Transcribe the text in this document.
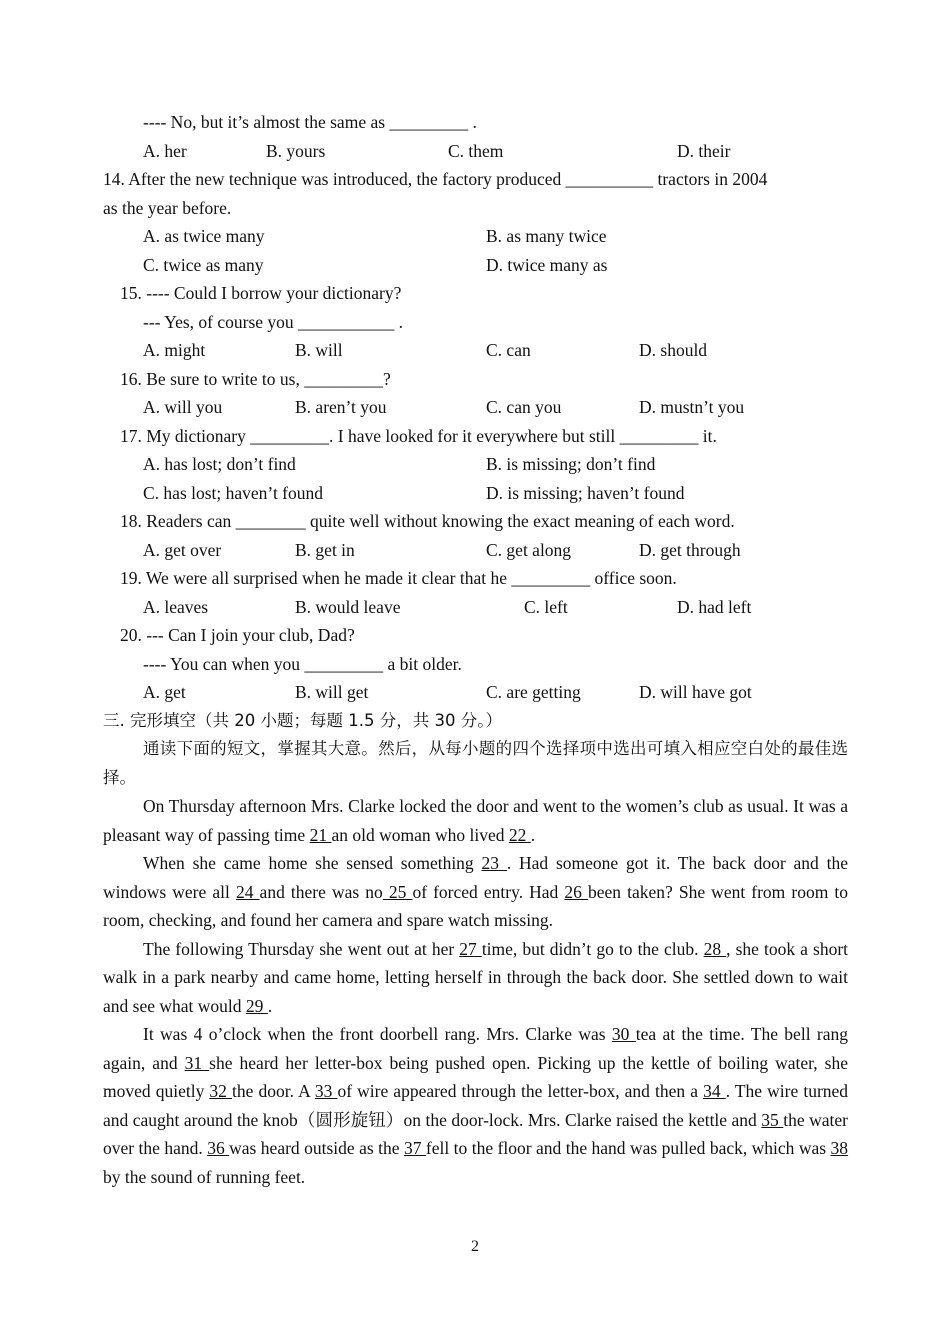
---- No, but it’s almost the same as _________ .
A. her	B. yours	C. them	D. their
14. After the new technique was introduced, the factory produced __________ tractors in 2004
as the year before.
A. as twice many	B. as many twice
C. twice as many	D. twice many as
15. ---- Could I borrow your dictionary?
--- Yes, of course you ___________ .
A. might	B. will	C. can	D. should
16. Be sure to write to us, _________?
A. will you	B. aren’t you	C. can you	D. mustn’t you
17. My dictionary _________. I have looked for it everywhere but still _________ it.
A. has lost; don’t find	B. is missing; don’t find
C. has lost; haven’t found	D. is missing; haven’t found
18. Readers can ________ quite well without knowing the exact meaning of each word.
A. get over	B. get in	C. get along	D. get through
19. We were all surprised when he made it clear that he _________ office soon.
A. leaves	B. would leave	C. left	D. had left
20. --- Can I join your club, Dad?
---- You can when you _________ a bit older.
A. get	B. will get	C. are getting	D. will have got
三. 完形填空（共 20 小题；每题 1.5 分，共 30 分。）
通读下面的短文，掌握其大意。然后，从每小题的四个选择项中选出可填入相应空白处的最佳选择。
On Thursday afternoon Mrs. Clarke locked the door and went to the women’s club as usual. It was a pleasant way of passing time 21 an old woman who lived 22 .
When she came home she sensed something 23 . Had someone got it. The back door and the windows were all 24 and there was no 25 of forced entry. Had 26 been taken? She went from room to room, checking, and found her camera and spare watch missing.
The following Thursday she went out at her 27 time, but didn’t go to the club. 28 , she took a short walk in a park nearby and came home, letting herself in through the back door. She settled down to wait and see what would 29 .
It was 4 o’clock when the front doorbell rang. Mrs. Clarke was 30 tea at the time. The bell rang again, and 31 she heard her letter-box being pushed open. Picking up the kettle of boiling water, she moved quietly 32 the door. A 33 of wire appeared through the letter-box, and then a 34 . The wire turned and caught around the knob（圆形旋钮）on the door-lock. Mrs. Clarke raised the kettle and 35 the water over the hand. 36 was heard outside as the 37 fell to the floor and the hand was pulled back, which was 38 by the sound of running feet.
2
